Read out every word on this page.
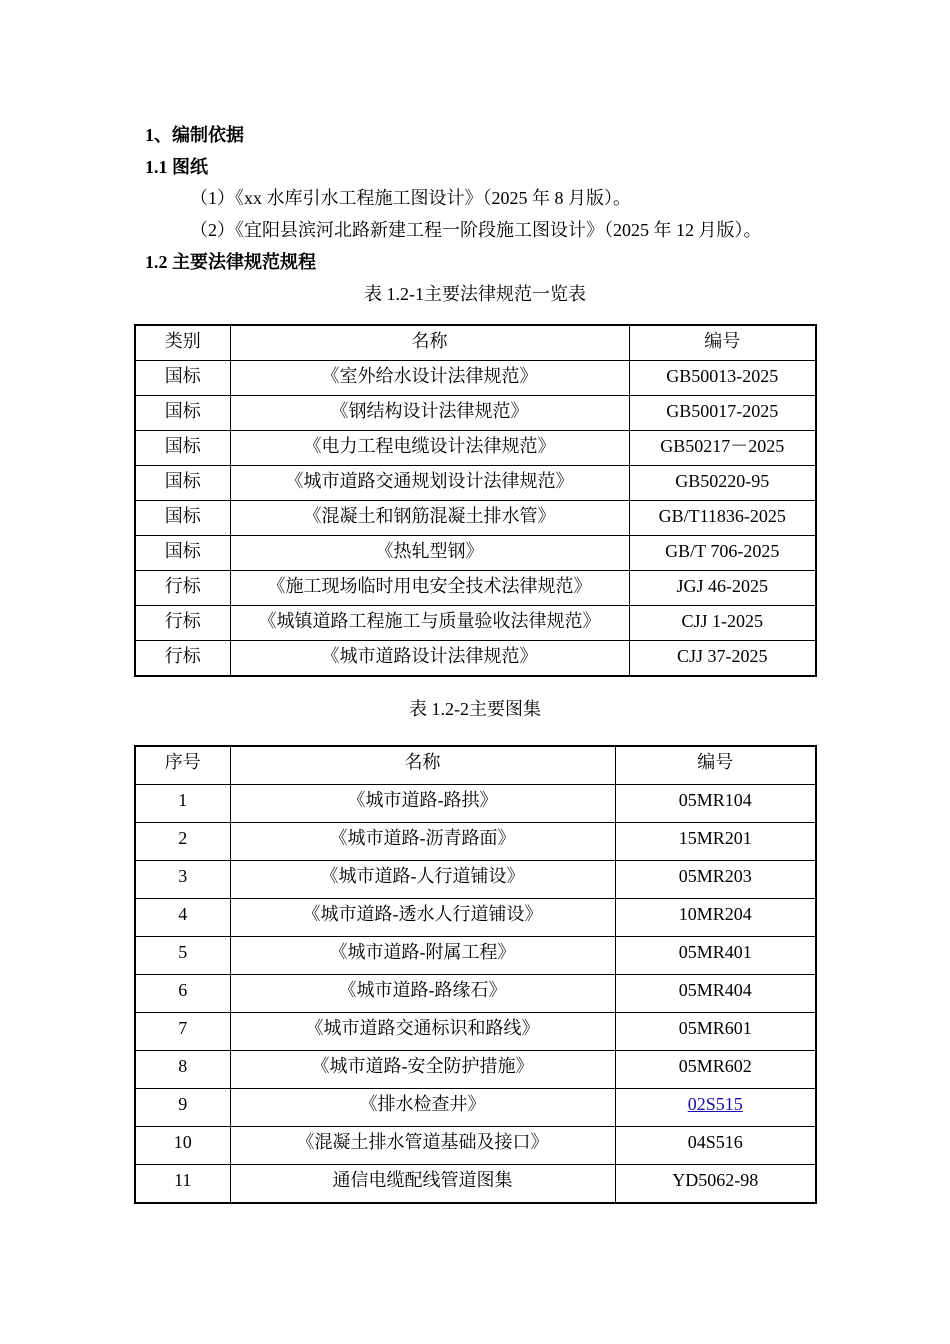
1、编制依据
1.1 图纸
（1）《xx 水库引水工程施工图设计》（2025 年 8 月版）。
（2）《宜阳县滨河北路新建工程一阶段施工图设计》（2025 年 12 月版）。
1.2 主要法律规范规程
表 1.2-1主要法律规范一览表
类别	名称	编号
国标	《室外给水设计法律规范》	GB50013-2025
国标	《钢结构设计法律规范》	GB50017-2025
国标	《电力工程电缆设计法律规范》	GB50217－2025
国标	《城市道路交通规划设计法律规范》	GB50220-95
国标	《混凝土和钢筋混凝土排水管》	GB/T11836-2025
国标	《热轧型钢》	GB/T 706-2025
行标	《施工现场临时用电安全技术法律规范》	JGJ 46-2025
行标	《城镇道路工程施工与质量验收法律规范》	CJJ 1-2025
行标	《城市道路设计法律规范》	CJJ 37-2025
表 1.2-2主要图集
序号	名称	编号
1	《城市道路-路拱》	05MR104
2	《城市道路-沥青路面》	15MR201
3	《城市道路-人行道铺设》	05MR203
4	《城市道路-透水人行道铺设》	10MR204
5	《城市道路-附属工程》	05MR401
6	《城市道路-路缘石》	05MR404
7	《城市道路交通标识和路线》	05MR601
8	《城市道路-安全防护措施》	05MR602
9	《排水检查井》	02S515
10	《混凝土排水管道基础及接口》	04S516
11	通信电缆配线管道图集	YD5062-98
